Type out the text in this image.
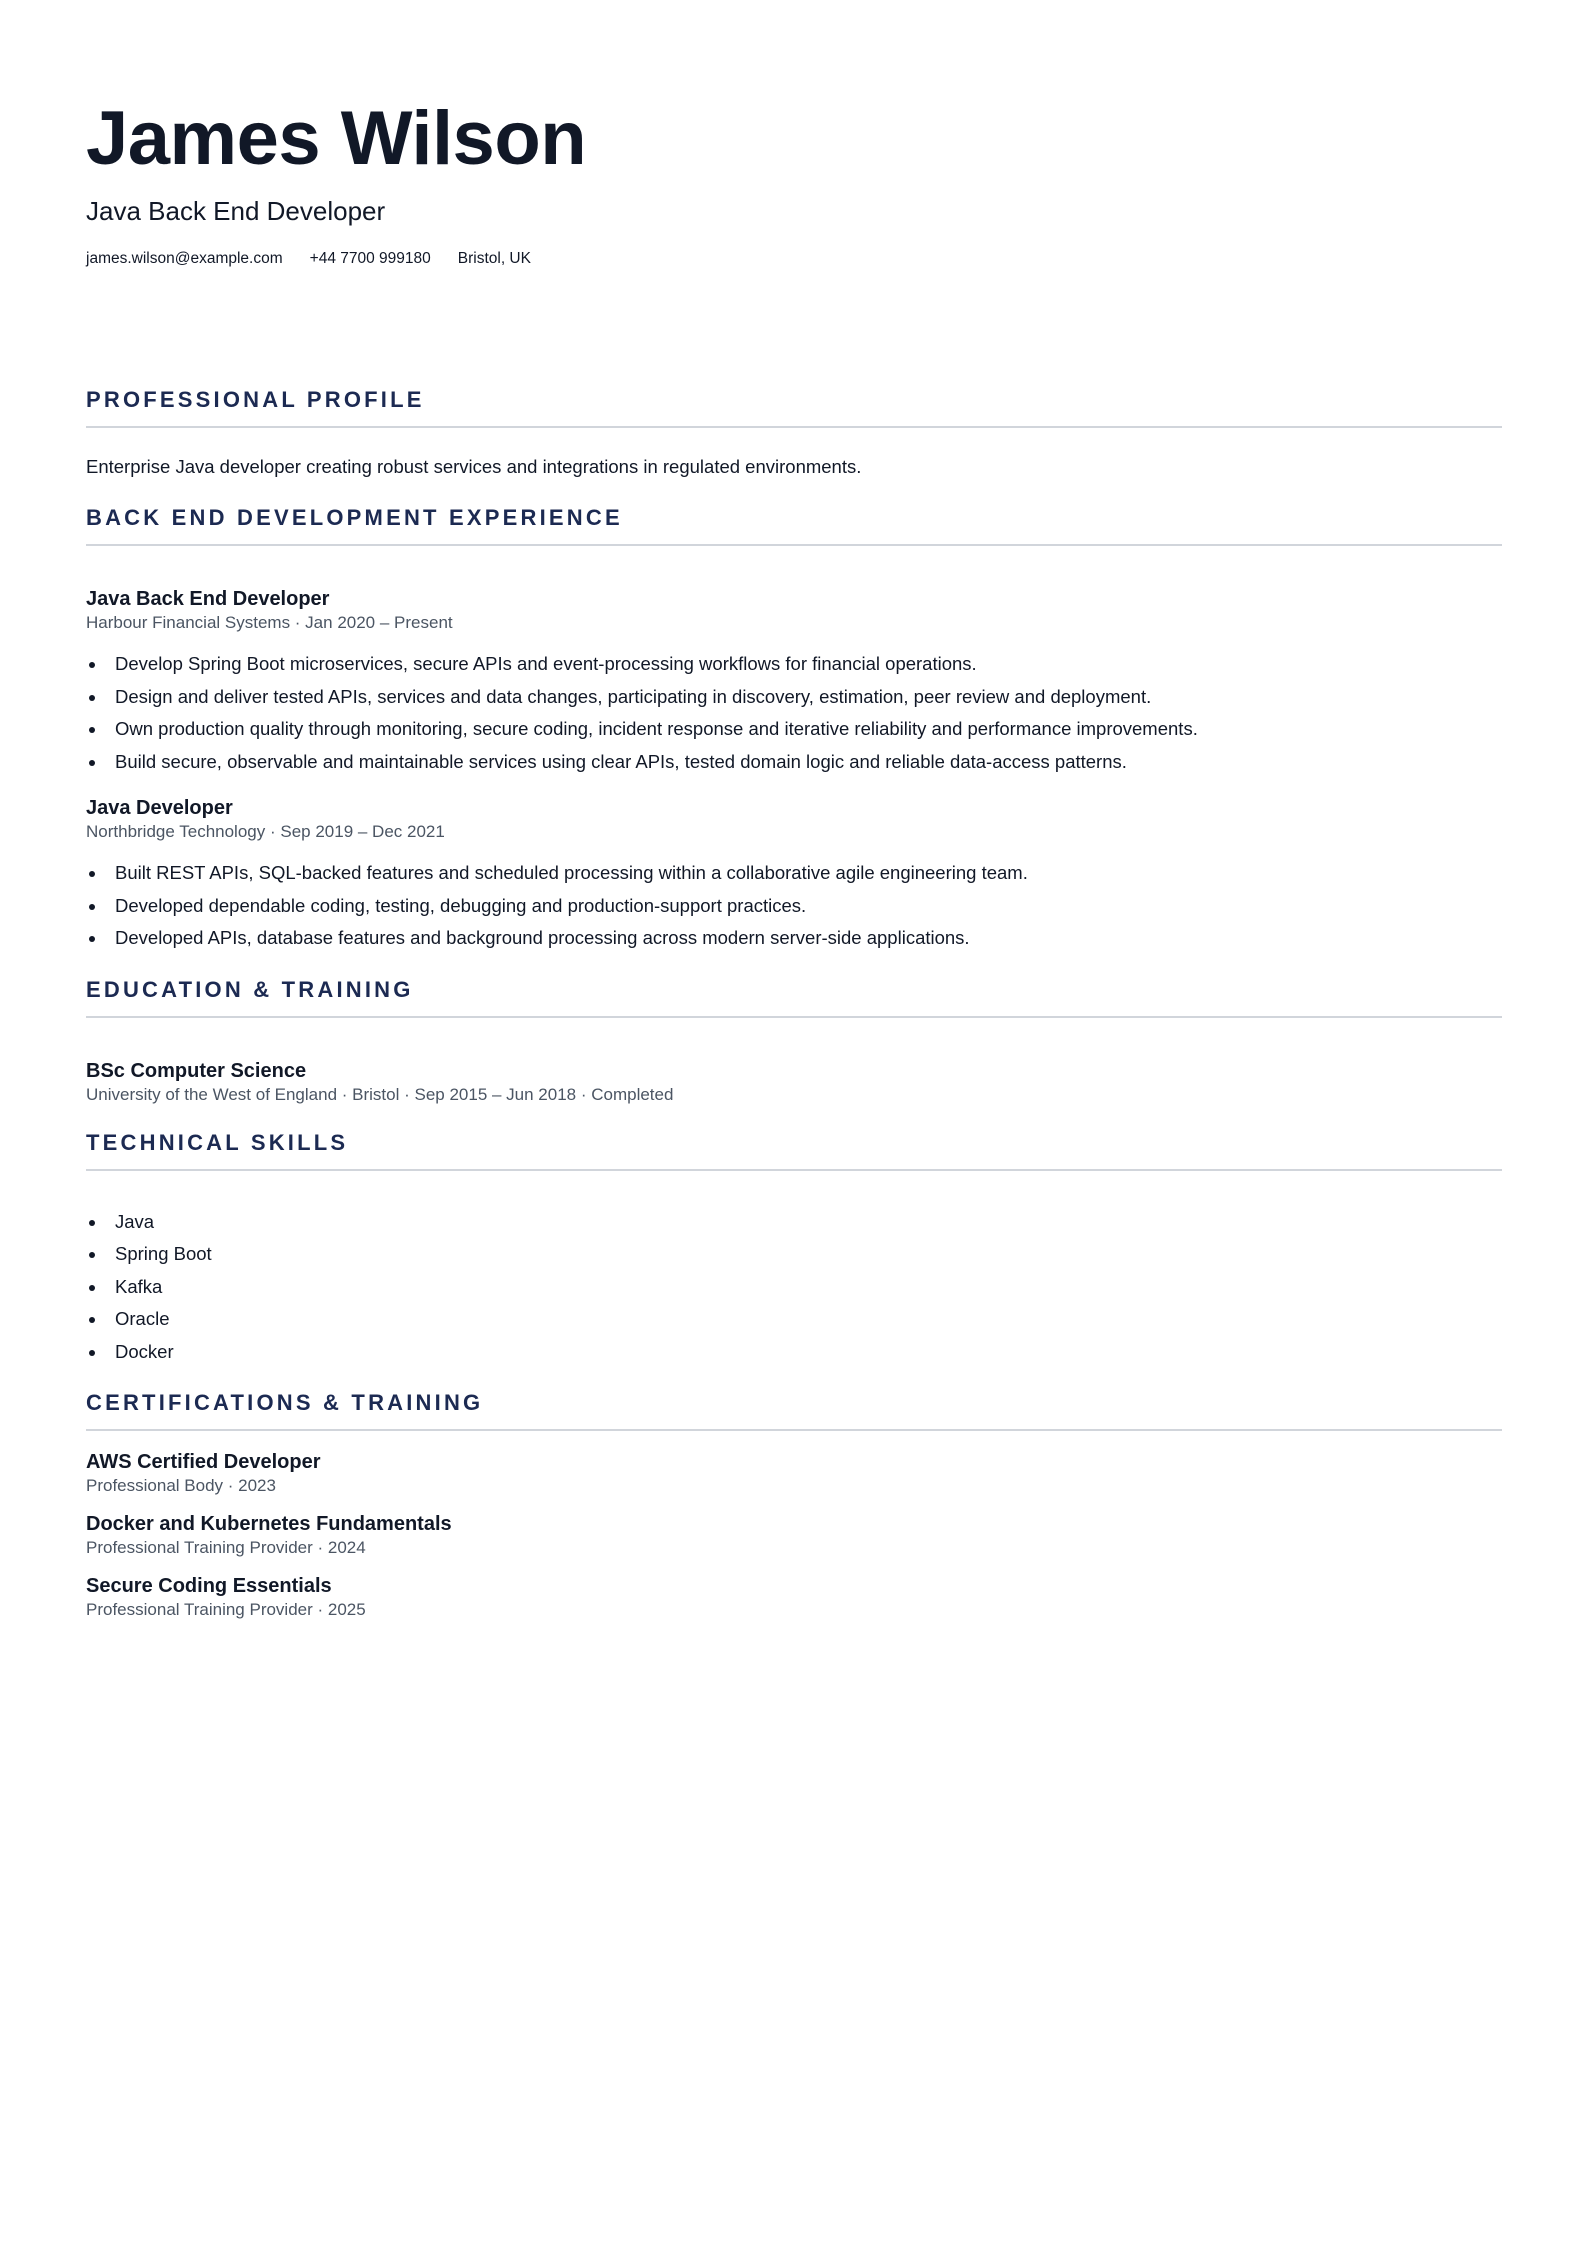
James Wilson

Java Back End Developer

james.wilson@example.com +44 7700 999180 Bristol, UK
PROFESSIONAL PROFILE

Enterprise Java developer creating robust services and integrations in regulated environments.

BACK END DEVELOPMENT EXPERIENCE
Java Back End Developer

Harbour Financial Systems · Jan 2020 – Present

Develop Spring Boot microservices, secure APIs and event-processing workflows for financial operations.
Design and deliver tested APIs, services and data changes, participating in discovery, estimation, peer review and deployment.
Own production quality through monitoring, secure coding, incident response and iterative reliability and performance improvements.
Build secure, observable and maintainable services using clear APIs, tested domain logic and reliable data-access patterns.
Java Developer

Northbridge Technology · Sep 2019 – Dec 2021

Built REST APIs, SQL-backed features and scheduled processing within a collaborative agile engineering team.
Developed dependable coding, testing, debugging and production-support practices.
Developed APIs, database features and background processing across modern server-side applications.
EDUCATION & TRAINING
BSc Computer Science

University of the West of England · Bristol · Sep 2015 – Jun 2018 · Completed

TECHNICAL SKILLS
Java
Spring Boot
Kafka
Oracle
Docker
CERTIFICATIONS & TRAINING
AWS Certified Developer

Professional Body · 2023

Docker and Kubernetes Fundamentals

Professional Training Provider · 2024

Secure Coding Essentials

Professional Training Provider · 2025
